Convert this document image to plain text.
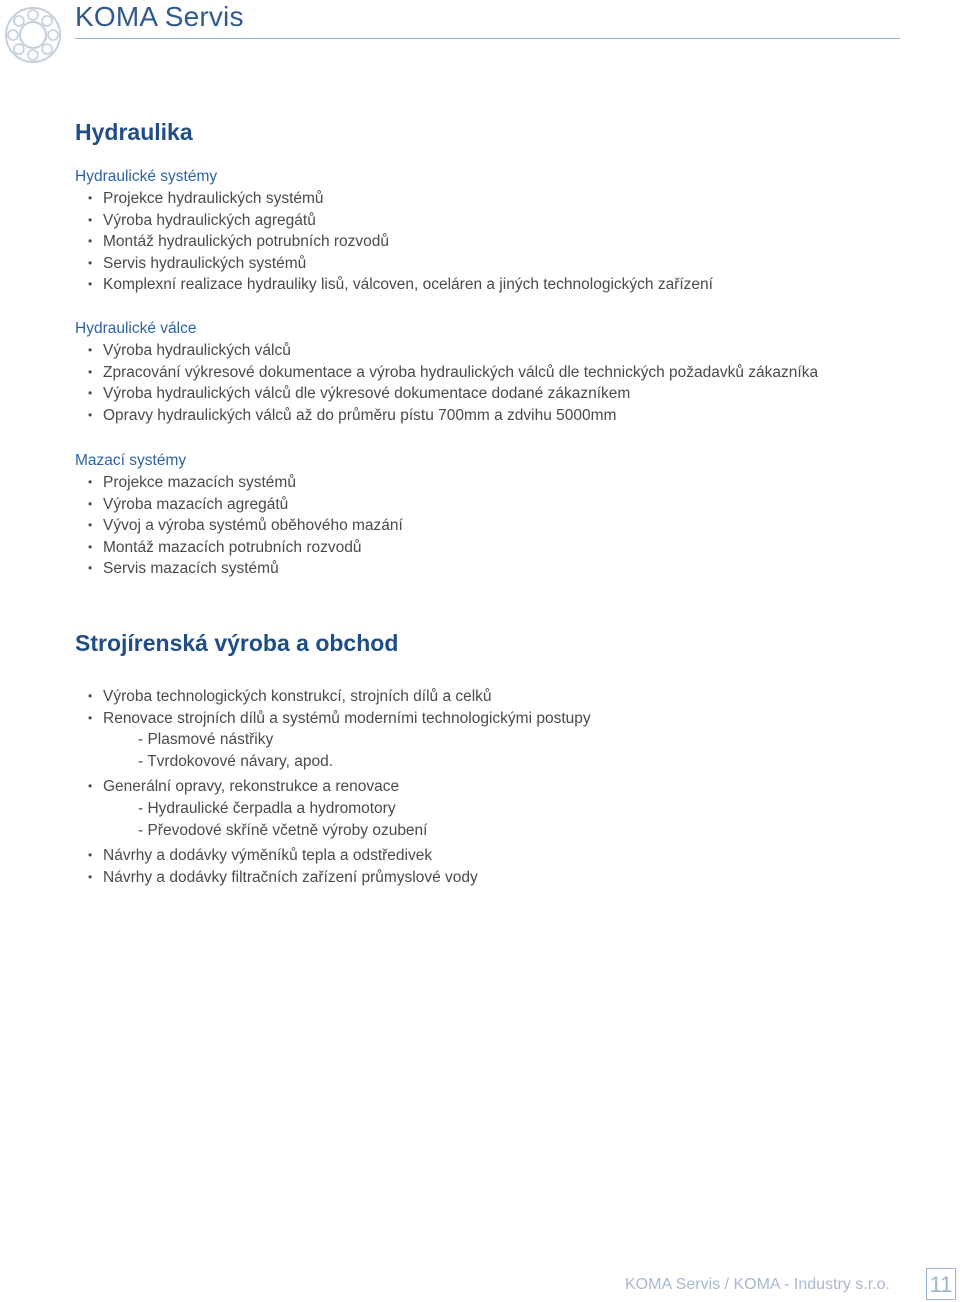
KOMA Servis
Hydraulika
Hydraulické systémy
• Projekce hydraulických systémů
• Výroba hydraulických agregátů
• Montáž hydraulických potrubních rozvodů
• Servis hydraulických systémů
• Komplexní realizace hydrauliky lisů, válcoven, oceláren a jiných technologických zařízení
Hydraulické válce
• Výroba hydraulických válců
• Zpracování výkresové dokumentace a výroba hydraulických válců dle technických požadavků zákazníka
• Výroba hydraulických válců dle výkresové dokumentace dodané zákazníkem
• Opravy hydraulických válců až do průměru pístu 700mm a zdvihu 5000mm
Mazací systémy
• Projekce mazacích systémů
• Výroba mazacích agregátů
• Vývoj a výroba systémů oběhového mazání
• Montáž mazacích potrubních rozvodů
• Servis mazacích systémů
Strojírenská výroba a obchod
• Výroba technologických konstrukcí, strojních dílů a celků
• Renovace strojních dílů a systémů moderními technologickými postupy
- Plasmové nástřiky
- Tvrdokovové návary, apod.
• Generální opravy, rekonstrukce a renovace
- Hydraulické čerpadla a hydromotory
- Převodové skříně včetně výroby ozubení
• Návrhy a dodávky výměníků tepla a odstředivek
• Návrhy a dodávky filtračních zařízení průmyslové vody
KOMA Servis / KOMA - Industry s.r.o. 11
